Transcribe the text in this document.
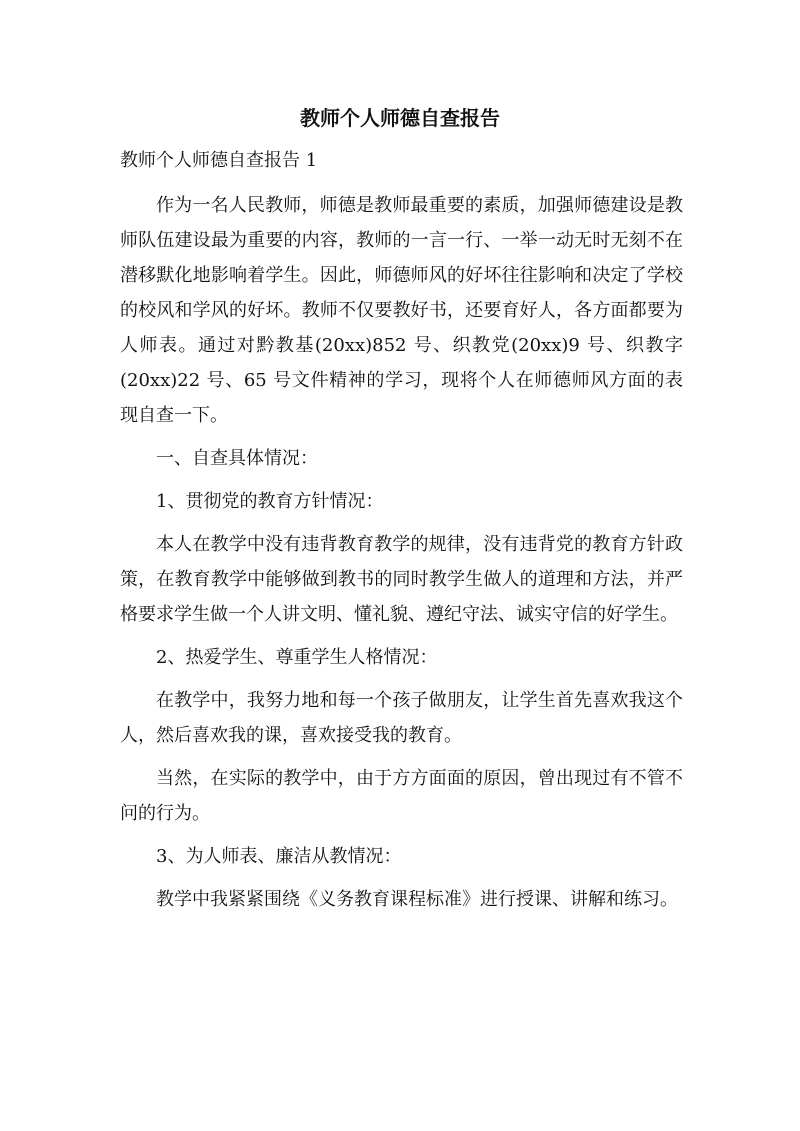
教师个人师德自查报告

教师个人师德自查报告 1

作为一名人民教师，师德是教师最重要的素质，加强师德建设是教师队伍建设最为重要的内容，教师的一言一行、一举一动无时无刻不在潜移默化地影响着学生。因此，师德师风的好坏往往影响和决定了学校的校风和学风的好坏。教师不仅要教好书，还要育好人，各方面都要为人师表。通过对黔教基(20xx)852 号、织教党(20xx)9 号、织教字(20xx)22 号、65 号文件精神的学习，现将个人在师德师风方面的表现自查一下。

一、自查具体情况：

1、贯彻党的教育方针情况：

本人在教学中没有违背教育教学的规律，没有违背党的教育方针政策，在教育教学中能够做到教书的同时教学生做人的道理和方法，并严格要求学生做一个人讲文明、懂礼貌、遵纪守法、诚实守信的好学生。

2、热爱学生、尊重学生人格情况：

在教学中，我努力地和每一个孩子做朋友，让学生首先喜欢我这个人，然后喜欢我的课，喜欢接受我的教育。

当然，在实际的教学中，由于方方面面的原因，曾出现过有不管不问的行为。

3、为人师表、廉洁从教情况：

教学中我紧紧围绕《义务教育课程标准》进行授课、讲解和练习。
